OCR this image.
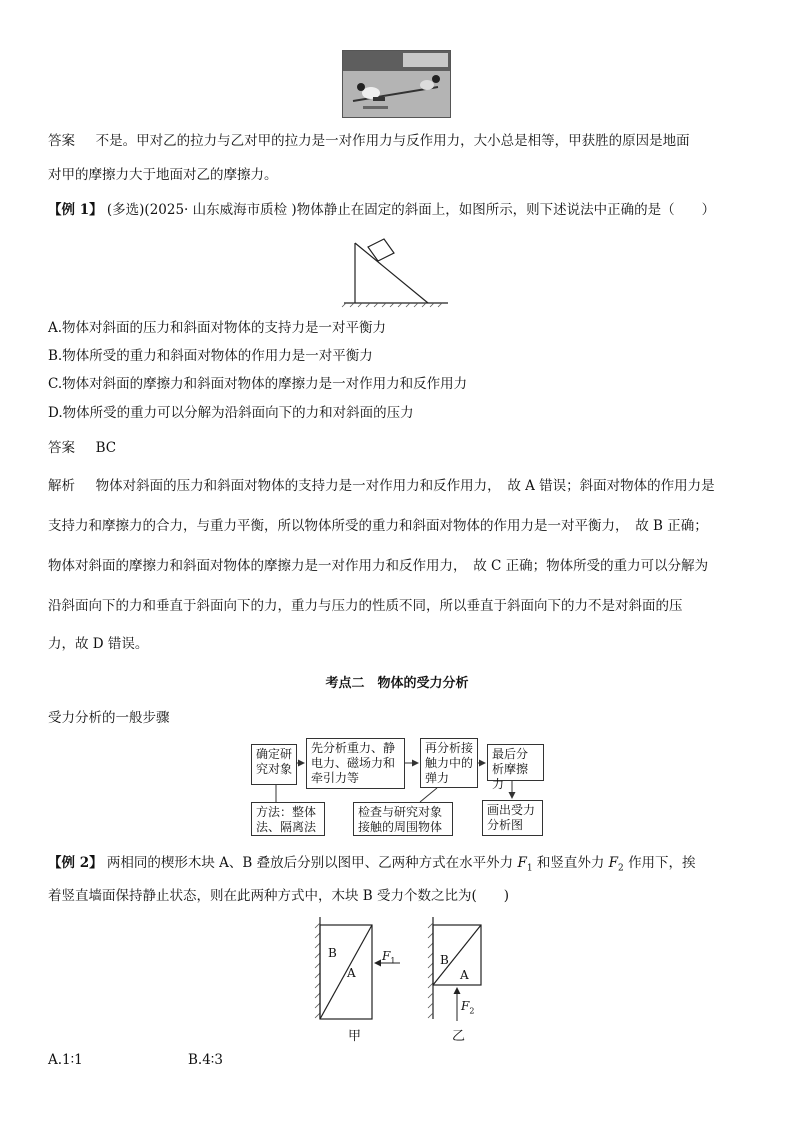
答案 不是。甲对乙的拉力与乙对甲的拉力是一对作用力与反作用力，大小总是相等，甲获胜的原因是地面
对甲的摩擦力大于地面对乙的摩擦力。
【例 1】 (多选)(2025· 山东威海市质检 )物体静止在固定的斜面上，如图所示，则下述说法中正确的是（　　）
A.物体对斜面的压力和斜面对物体的支持力是一对平衡力
B.物体所受的重力和斜面对物体的作用力是一对平衡力
C.物体对斜面的摩擦力和斜面对物体的摩擦力是一对作用力和反作用力
D.物体所受的重力可以分解为沿斜面向下的力和对斜面的压力
答案 BC
解析 物体对斜面的压力和斜面对物体的支持力是一对作用力和反作用力，　故 A 错误；斜面对物体的作用力是
支持力和摩擦力的合力，与重力平衡，所以物体所受的重力和斜面对物体的作用力是一对平衡力，　故 B 正确；
物体对斜面的摩擦力和斜面对物体的摩擦力是一对作用力和反作用力，　故 C 正确；物体所受的重力可以分解为
沿斜面向下的力和垂直于斜面向下的力，重力与压力的性质不同，所以垂直于斜面向下的力不是对斜面的压
力，故 D 错误。
考点二　物体的受力分析
受力分析的一般步骤
确定研究对象
先分析重力、静电力、磁场力和牵引力等
再分析接触力中的弹力
最后分析摩擦力
方法：整体法、隔离法
检查与研究对象接触的周围物体
画出受力分析图
【例 2】 两相同的楔形木块 A、B 叠放后分别以图甲、乙两种方式在水平外力 $F_1$ 和竖直外力 $F_2$ 作用下，挨
着竖直墙面保持静止状态，则在此两种方式中，木块 B 受力个数之比为(　　)
B
A
$F_1$
甲
B
A
$F_2$
乙
A.1∶1	B.4∶3
